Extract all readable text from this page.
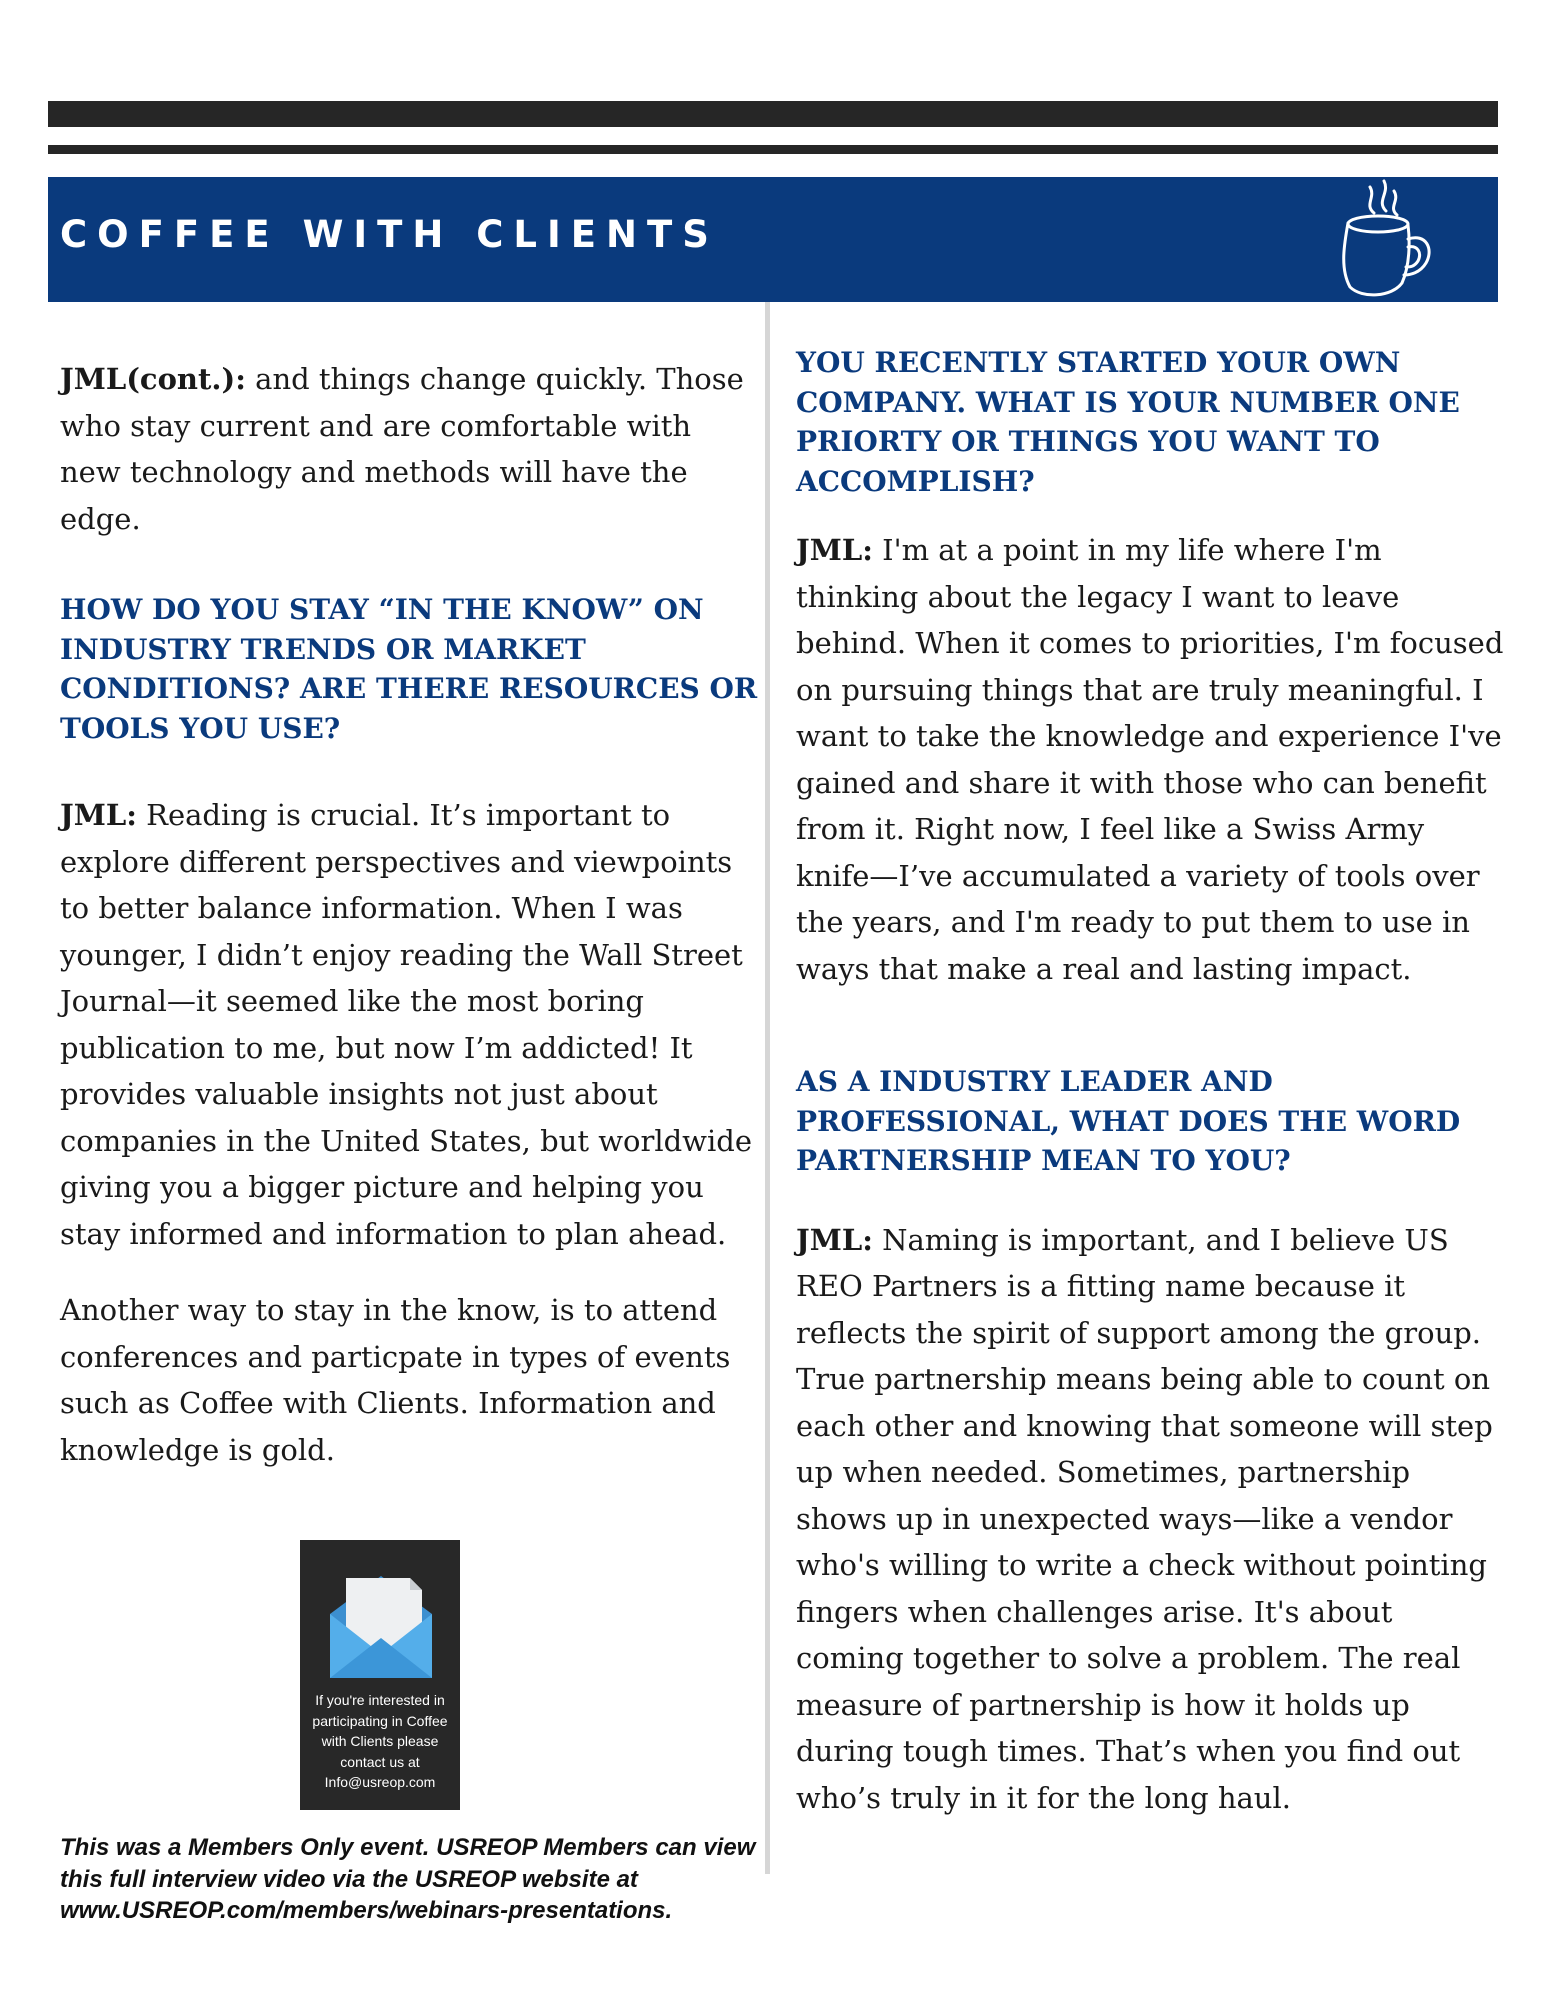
COFFEE WITH CLIENTS

JML(cont.): and things change quickly. Those who stay current and are comfortable with new technology and methods will have the edge.

HOW DO YOU STAY “IN THE KNOW” ON INDUSTRY TRENDS OR MARKET CONDITIONS? ARE THERE RESOURCES OR TOOLS YOU USE?

JML: Reading is crucial. It’s important to explore different perspectives and viewpoints to better balance information. When I was younger, I didn’t enjoy reading the Wall Street Journal—it seemed like the most boring publication to me, but now I’m addicted! It provides valuable insights not just about companies in the United States, but worldwide giving you a bigger picture and helping you stay informed and information to plan ahead.

Another way to stay in the know, is to attend conferences and particpate in types of events such as Coffee with Clients. Information and knowledge is gold.

If you're interested in participating in Coffee with Clients please contact us at Info@usreop.com
This was a Members Only event. USREOP Members can view this full interview video via the USREOP website at www.USREOP.com/members/webinars-presentations.

YOU RECENTLY STARTED YOUR OWN COMPANY. WHAT IS YOUR NUMBER ONE PRIORTY OR THINGS YOU WANT TO ACCOMPLISH?

JML: I'm at a point in my life where I'm thinking about the legacy I want to leave behind. When it comes to priorities, I'm focused on pursuing things that are truly meaningful. I want to take the knowledge and experience I've gained and share it with those who can benefit from it. Right now, I feel like a Swiss Army knife—I’ve accumulated a variety of tools over the years, and I'm ready to put them to use in ways that make a real and lasting impact.

AS A INDUSTRY LEADER AND PROFESSIONAL, WHAT DOES THE WORD PARTNERSHIP MEAN TO YOU?

JML: Naming is important, and I believe US REO Partners is a fitting name because it reflects the spirit of support among the group. True partnership means being able to count on each other and knowing that someone will step up when needed. Sometimes, partnership shows up in unexpected ways—like a vendor who's willing to write a check without pointing fingers when challenges arise. It's about coming together to solve a problem. The real measure of partnership is how it holds up during tough times. That’s when you find out who’s truly in it for the long haul.
